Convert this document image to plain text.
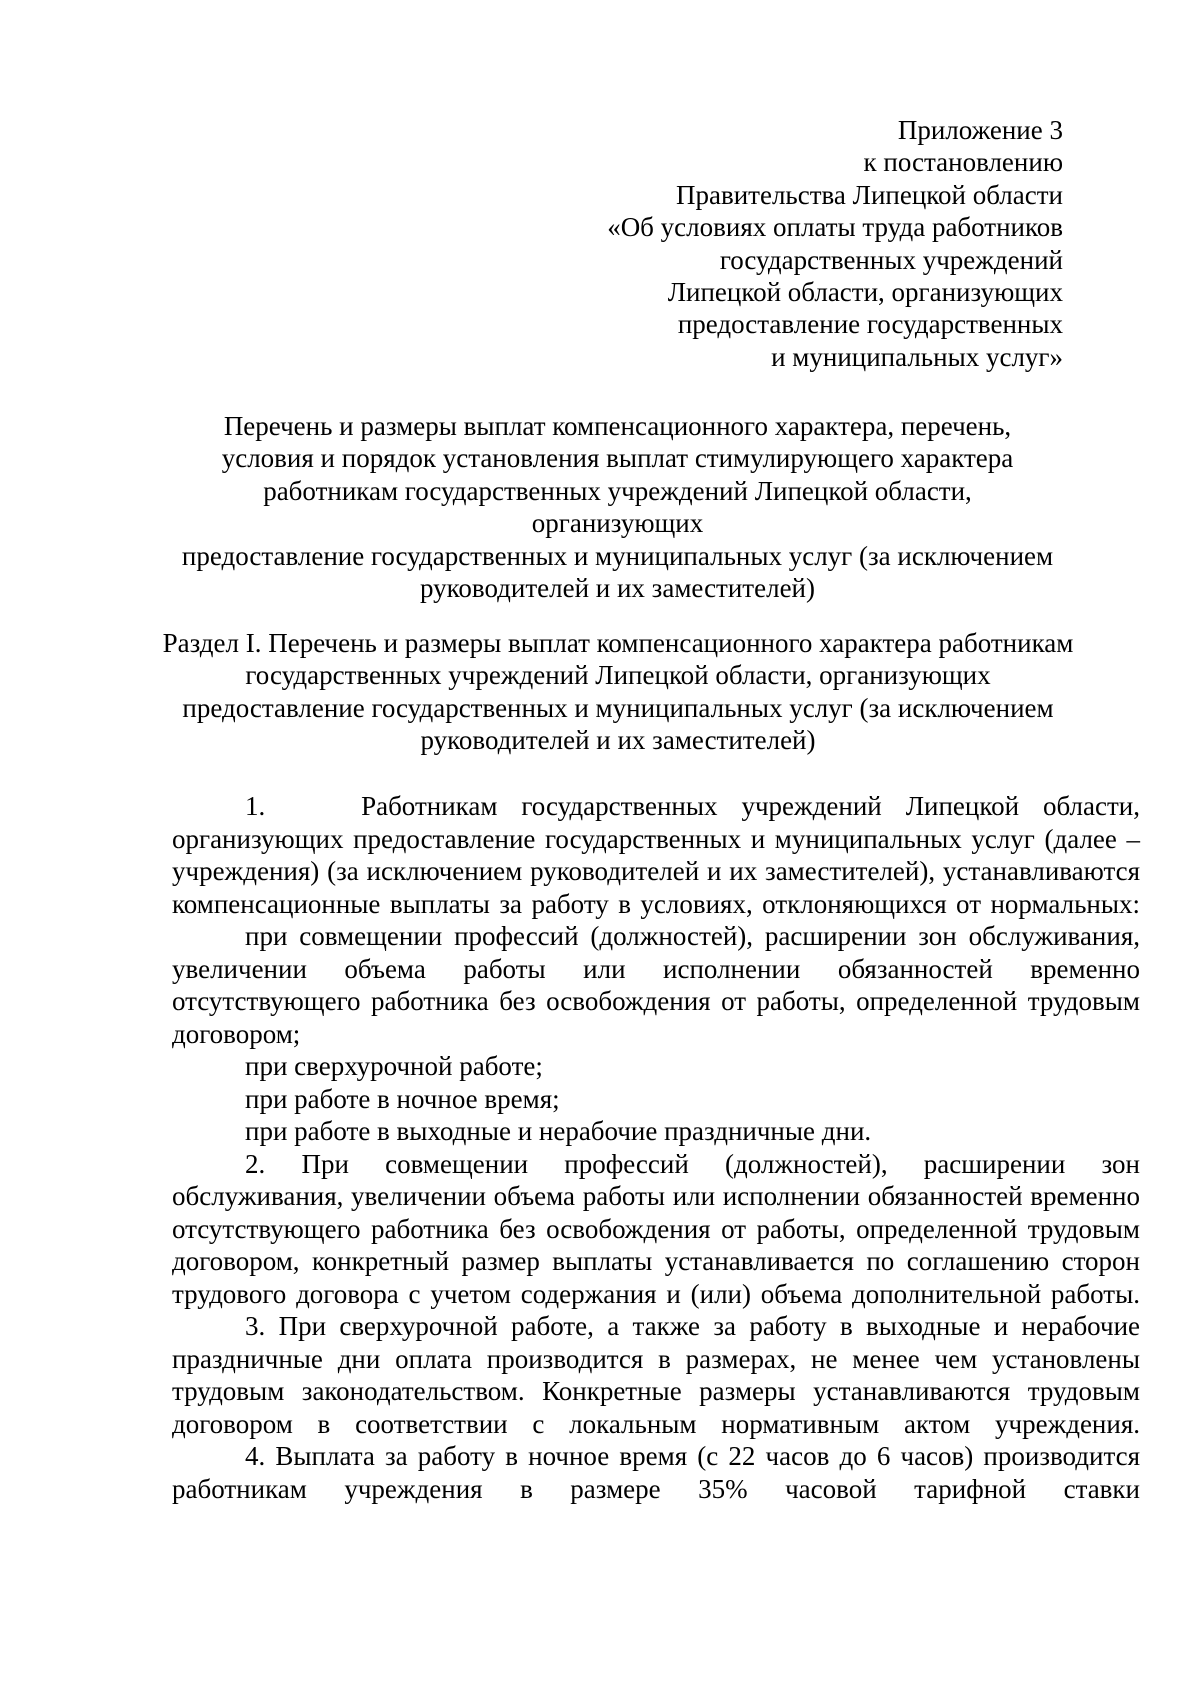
Приложение 3
к постановлению
Правительства Липецкой области
«Об условиях оплаты труда работников
государственных учреждений
Липецкой области, организующих
предоставление государственных
и муниципальных услуг»
Перечень и размеры выплат компенсационного характера, перечень,
условия и порядок установления выплат стимулирующего характера
работникам государственных учреждений Липецкой области, организующих
предоставление государственных и муниципальных услуг (за исключением
руководителей и их заместителей)
Раздел I. Перечень и размеры выплат компенсационного характера работникам
государственных учреждений Липецкой области, организующих
предоставление государственных и муниципальных услуг (за исключением
руководителей и их заместителей)

1.    Работникам государственных учреждений Липецкой области, организующих предоставление государственных и муниципальных услуг (далее – учреждения) (за исключением руководителей и их заместителей), устанавливаются компенсационные выплаты за работу в условиях, отклоняющихся от нормальных:

при совмещении профессий (должностей), расширении зон обслуживания, увеличении объема работы или исполнении обязанностей временно отсутствующего работника без освобождения от работы, определенной трудовым договором;

при сверхурочной работе;

при работе в ночное время;

при работе в выходные и нерабочие праздничные дни.

2. При совмещении профессий (должностей), расширении зон обслуживания, увеличении объема работы или исполнении обязанностей временно отсутствующего работника без освобождения от работы, определенной трудовым договором, конкретный размер выплаты устанавливается по соглашению сторон трудового договора с учетом содержания и (или) объема дополнительной работы.

3. При сверхурочной работе, а также за работу в выходные и нерабочие праздничные дни оплата производится в размерах, не менее чем установлены трудовым законодательством. Конкретные размеры устанавливаются трудовым договором в соответствии с локальным нормативным актом учреждения.

4. Выплата за работу в ночное время (с 22 часов до 6 часов) производится работникам учреждения в размере 35% часовой тарифной ставки
